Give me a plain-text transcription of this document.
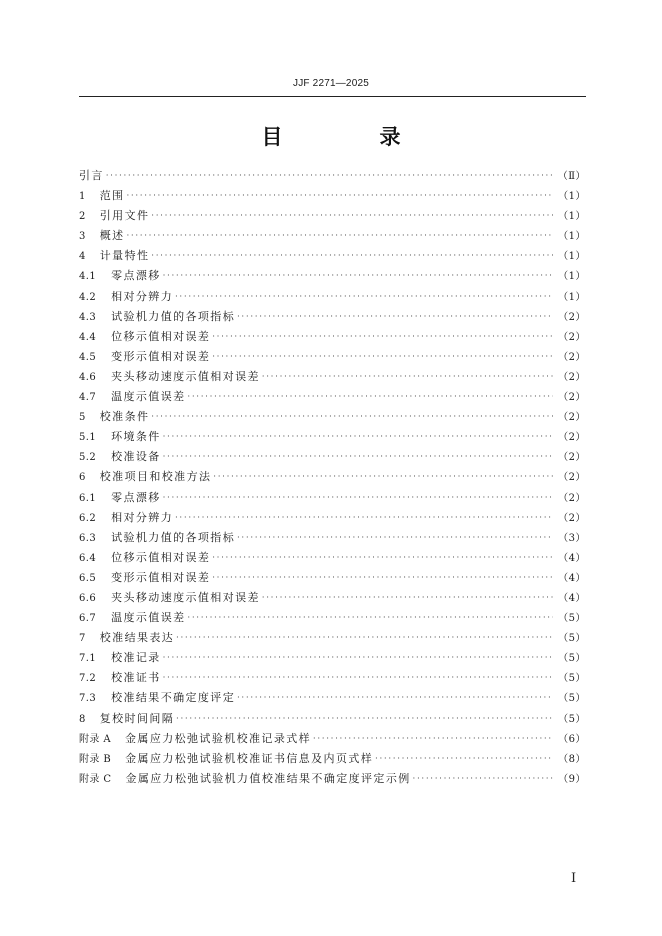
JJF 2271—2025
目　录
引言 ·····	（Ⅱ）
1 范围 ·····	（1）
2 引用文件 ·····	（1）
3 概述 ·····	（1）
4 计量特性 ·····	（1）
4.1 零点漂移 ·····	（1）
4.2 相对分辨力 ·····	（1）
4.3 试验机力值的各项指标 ·····	（2）
4.4 位移示值相对误差 ·····	（2）
4.5 变形示值相对误差 ·····	（2）
4.6 夹头移动速度示值相对误差 ·····	（2）
4.7 温度示值误差 ·····	（2）
5 校准条件 ·····	（2）
5.1 环境条件 ·····	（2）
5.2 校准设备 ·····	（2）
6 校准项目和校准方法 ·····	（2）
6.1 零点漂移 ·····	（2）
6.2 相对分辨力 ·····	（2）
6.3 试验机力值的各项指标 ·····	（3）
6.4 位移示值相对误差 ·····	（4）
6.5 变形示值相对误差 ·····	（4）
6.6 夹头移动速度示值相对误差 ·····	（4）
6.7 温度示值误差 ·····	（5）
7 校准结果表达 ·····	（5）
7.1 校准记录 ·····	（5）
7.2 校准证书 ·····	（5）
7.3 校准结果不确定度评定 ·····	（5）
8 复校时间间隔 ·····	（5）
附录 A 金属应力松弛试验机校准记录式样 ·····	（6）
附录 B 金属应力松弛试验机校准证书信息及内页式样 ·····	（8）
附录 C 金属应力松弛试验机力值校准结果不确定度评定示例 ·····	（9）
Ⅰ
